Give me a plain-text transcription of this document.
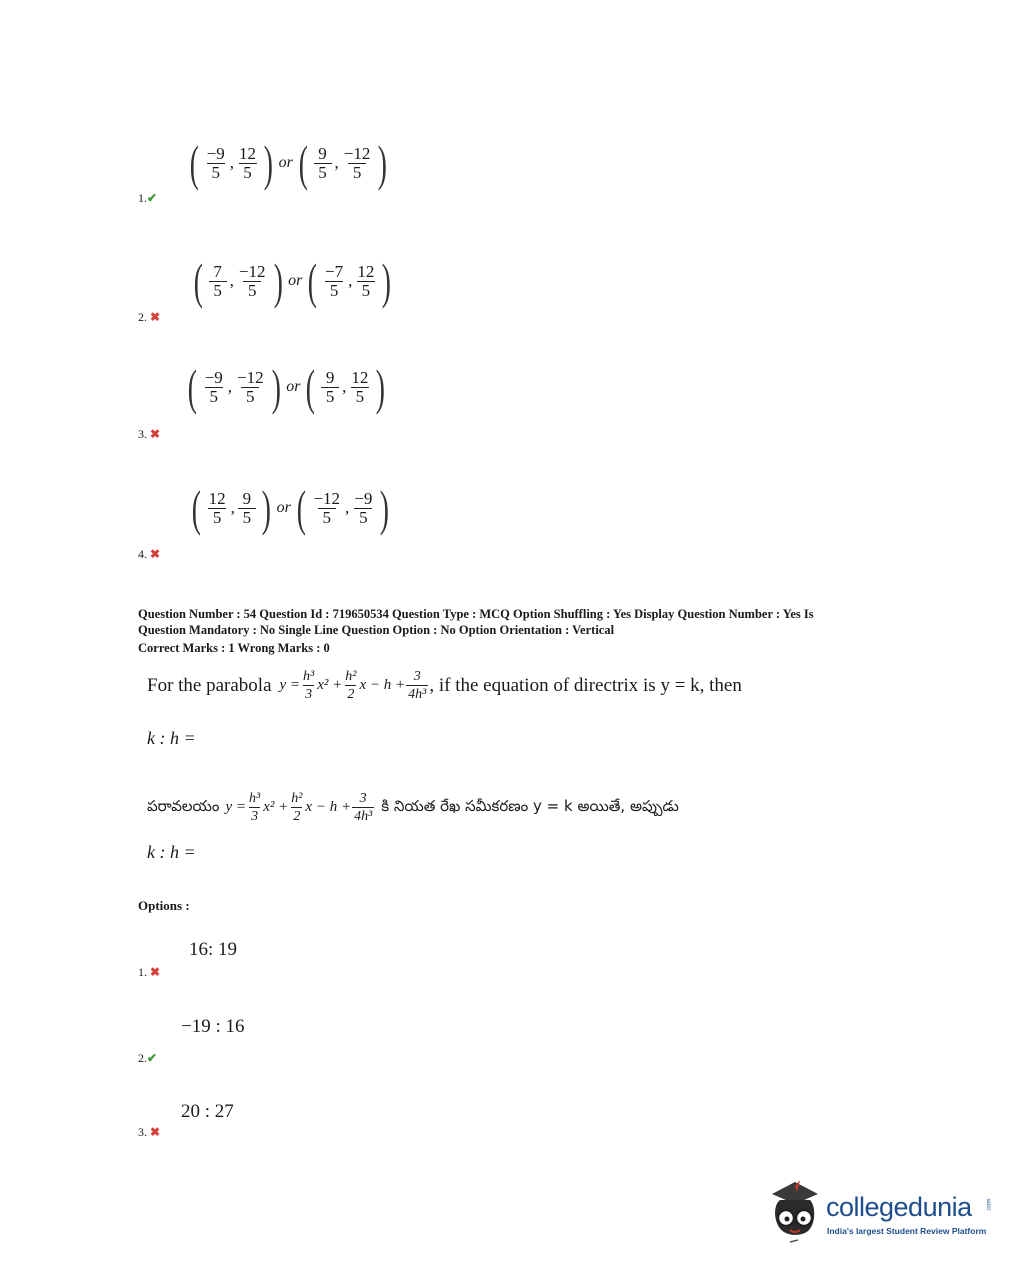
( $\frac{-9}{5}$ , $\frac{12}{5}$ ) or ( $\frac{9}{5}$ , $\frac{-12}{5}$ )
1.✔
( $\frac{7}{5}$ , $\frac{-12}{5}$ ) or ( $\frac{-7}{5}$ , $\frac{12}{5}$ )
2. ✖
( $\frac{-9}{5}$ , $\frac{-12}{5}$ ) or ( $\frac{9}{5}$ , $\frac{12}{5}$ )
3. ✖
( $\frac{12}{5}$ , $\frac{9}{5}$ ) or ( $\frac{-12}{5}$ , $\frac{-9}{5}$ )
4. ✖
Question Number : 54 Question Id : 719650534 Question Type : MCQ Option Shuffling : Yes Display Question Number : Yes Is
Question Mandatory : No Single Line Question Option : No Option Orientation : Vertical
Correct Marks : 1 Wrong Marks : 0
For the parabola $y = \frac{\text{h³}}{3} x^2 + \frac{\text{h²}}{2}$ $x - h + \frac{3}{\text{4h³}}$ , if the equation of directrix is y = k, then
k : h =
పరావలయం $y = \frac{\text{h³}}{3} x^2 + \frac{\text{h²}}{2}$ $x - h + \frac{3}{\text{4h³}}$ కి నియత రేఖ సమీకరణం y = k అయితే, అప్పుడు
k : h =
Options :
16: 19
1. ✖
−19 : 16
2.✔
20 : 27
3. ✖
collegedunia .com
India's largest Student Review Platform
